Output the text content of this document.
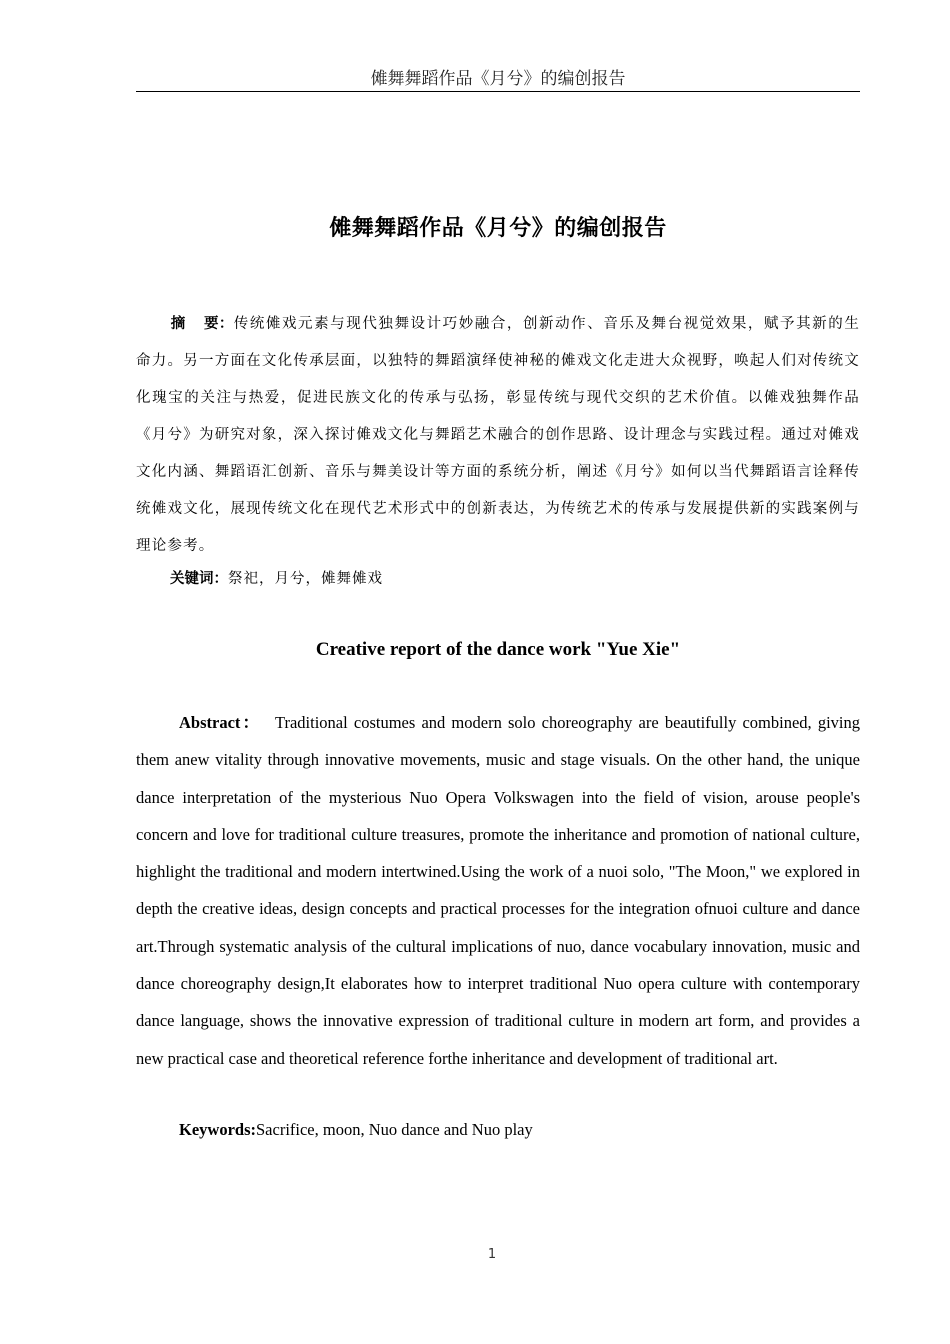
傩舞舞蹈作品《月兮》的编创报告
傩舞舞蹈作品《月兮》的编创报告
摘 要：传统傩戏元素与现代独舞设计巧妙融合，创新动作、音乐及舞台视觉效果，赋予其新的生命力。另一方面在文化传承层面，以独特的舞蹈演绎使神秘的傩戏文化走进大众视野，唤起人们对传统文化瑰宝的关注与热爱，促进民族文化的传承与弘扬，彰显传统与现代交织的艺术价值。以傩戏独舞作品《月兮》为研究对象，深入探讨傩戏文化与舞蹈艺术融合的创作思路、设计理念与实践过程。通过对傩戏文化内涵、舞蹈语汇创新、音乐与舞美设计等方面的系统分析，阐述《月兮》如何以当代舞蹈语言诠释传统傩戏文化，展现传统文化在现代艺术形式中的创新表达，为传统艺术的传承与发展提供新的实践案例与理论参考。
关键词：祭祀，月兮，傩舞傩戏
Creative report of the dance work "Yue Xie"
Abstract： Traditional costumes and modern solo choreography are beautifully combined, giving them anew vitality through innovative movements, music and stage visuals. On the other hand, the unique dance interpretation of the mysterious Nuo Opera Volkswagen into the field of vision, arouse people's concern and love for traditional culture treasures, promote the inheritance and promotion of national culture, highlight the traditional and modern intertwined.Using the work of a nuoi solo, "The Moon," we explored in depth the creative ideas, design concepts and practical processes for the integration ofnuoi culture and dance art.Through systematic analysis of the cultural implications of nuo, dance vocabulary innovation, music and dance choreography design,It elaborates how to interpret traditional Nuo opera culture with contemporary dance language, shows the innovative expression of traditional culture in modern art form, and provides a new practical case and theoretical reference forthe inheritance and development of traditional art.
Keywords:Sacrifice, moon, Nuo dance and Nuo play
1
